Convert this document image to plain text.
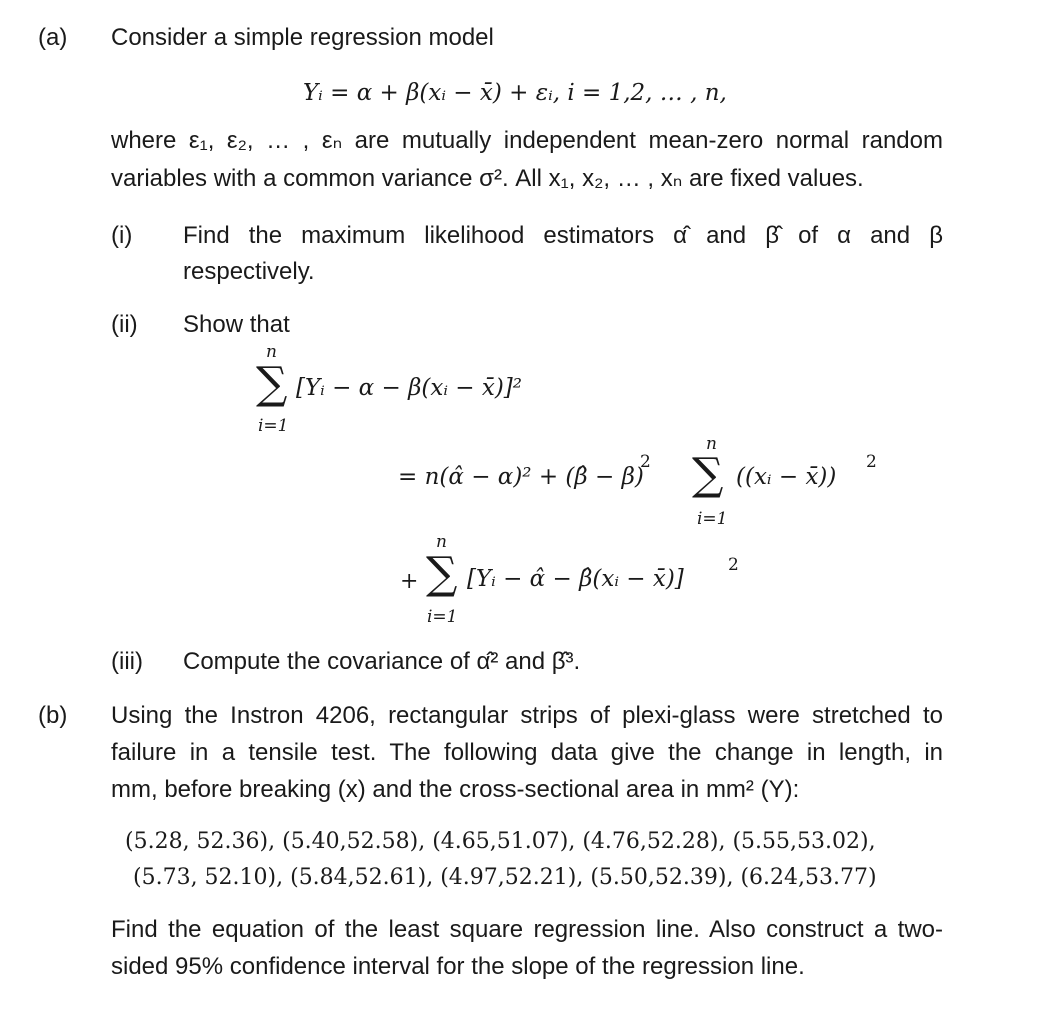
(a) Consider a simple regression model
Yᵢ = α + β(xᵢ − x̄) + εᵢ, i = 1,2, … , n,
where ε₁, ε₂, … , εₙ are mutually independent mean-zero normal random
variables with a common variance σ². All x₁, x₂, … , xₙ are fixed values.
(i) Find the maximum likelihood estimators α̂ and β̂ of α and β
respectively.
(ii) Show that
n
∑
i=1
[Yᵢ − α − β(xᵢ − x̄)]²
= n(α̂ − α)² + (β̂ − β)
2
n
∑
i=1
((xᵢ − x̄))
2
+
n
∑
i=1
[Yᵢ − α̂ − β̂(xᵢ − x̄)]
2
(iii) Compute the covariance of α̂² and β̂³.
(b) Using the Instron 4206, rectangular strips of plexi-glass were stretched to
failure in a tensile test. The following data give the change in length, in
mm, before breaking (x) and the cross-sectional area in mm² (Y):
(5.28, 52.36), (5.40,52.58), (4.65,51.07), (4.76,52.28), (5.55,53.02),
(5.73, 52.10), (5.84,52.61), (4.97,52.21), (5.50,52.39), (6.24,53.77)
Find the equation of the least square regression line. Also construct a two-
sided 95% confidence interval for the slope of the regression line.
